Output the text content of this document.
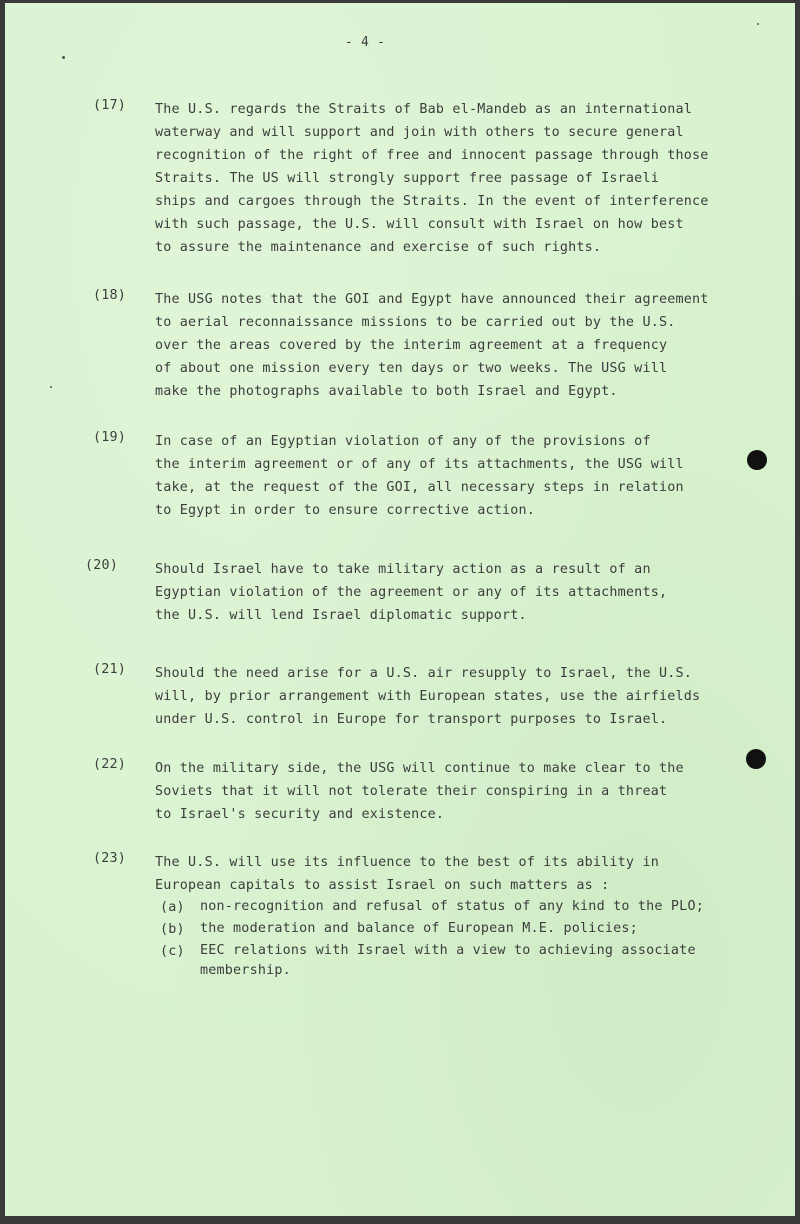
- 4 -
(17) The U.S. regards the Straits of Bab el-Mandeb as an international
waterway and will support and join with others to secure general
recognition of the right of free and innocent passage through those
Straits. The US will strongly support free passage of Israeli
ships and cargoes through the Straits. In the event of interference
with such passage, the U.S. will consult with Israel on how best
to assure the maintenance and exercise of such rights.
(18) The USG notes that the GOI and Egypt have announced their agreement
to aerial reconnaissance missions to be carried out by the U.S.
over the areas covered by the interim agreement at a frequency
of about one mission every ten days or two weeks. The USG will
make the photographs available to both Israel and Egypt.
(19) In case of an Egyptian violation of any of the provisions of
the interim agreement or of any of its attachments, the USG will
take, at the request of the GOI, all necessary steps in relation
to Egypt in order to ensure corrective action.
(20)	Should Israel have to take military action as a result of an
Egyptian violation of the agreement or any of its attachments,
the U.S. will lend Israel diplomatic support.
(21) Should the need arise for a U.S. air resupply to Israel, the U.S.
will, by prior arrangement with European states, use the airfields
under U.S. control in Europe for transport purposes to Israel.
(22) On the military side, the USG will continue to make clear to the
Soviets that it will not tolerate their conspiring in a threat
to Israel's security and existence.
(23) The U.S. will use its influence to the best of its ability in
European capitals to assist Israel on such matters as :
(a) non-recognition and refusal of status of any kind to the PLO;
(b) the moderation and balance of European M.E. policies;
(c) EEC relations with Israel with a view to achieving associate
membership.
